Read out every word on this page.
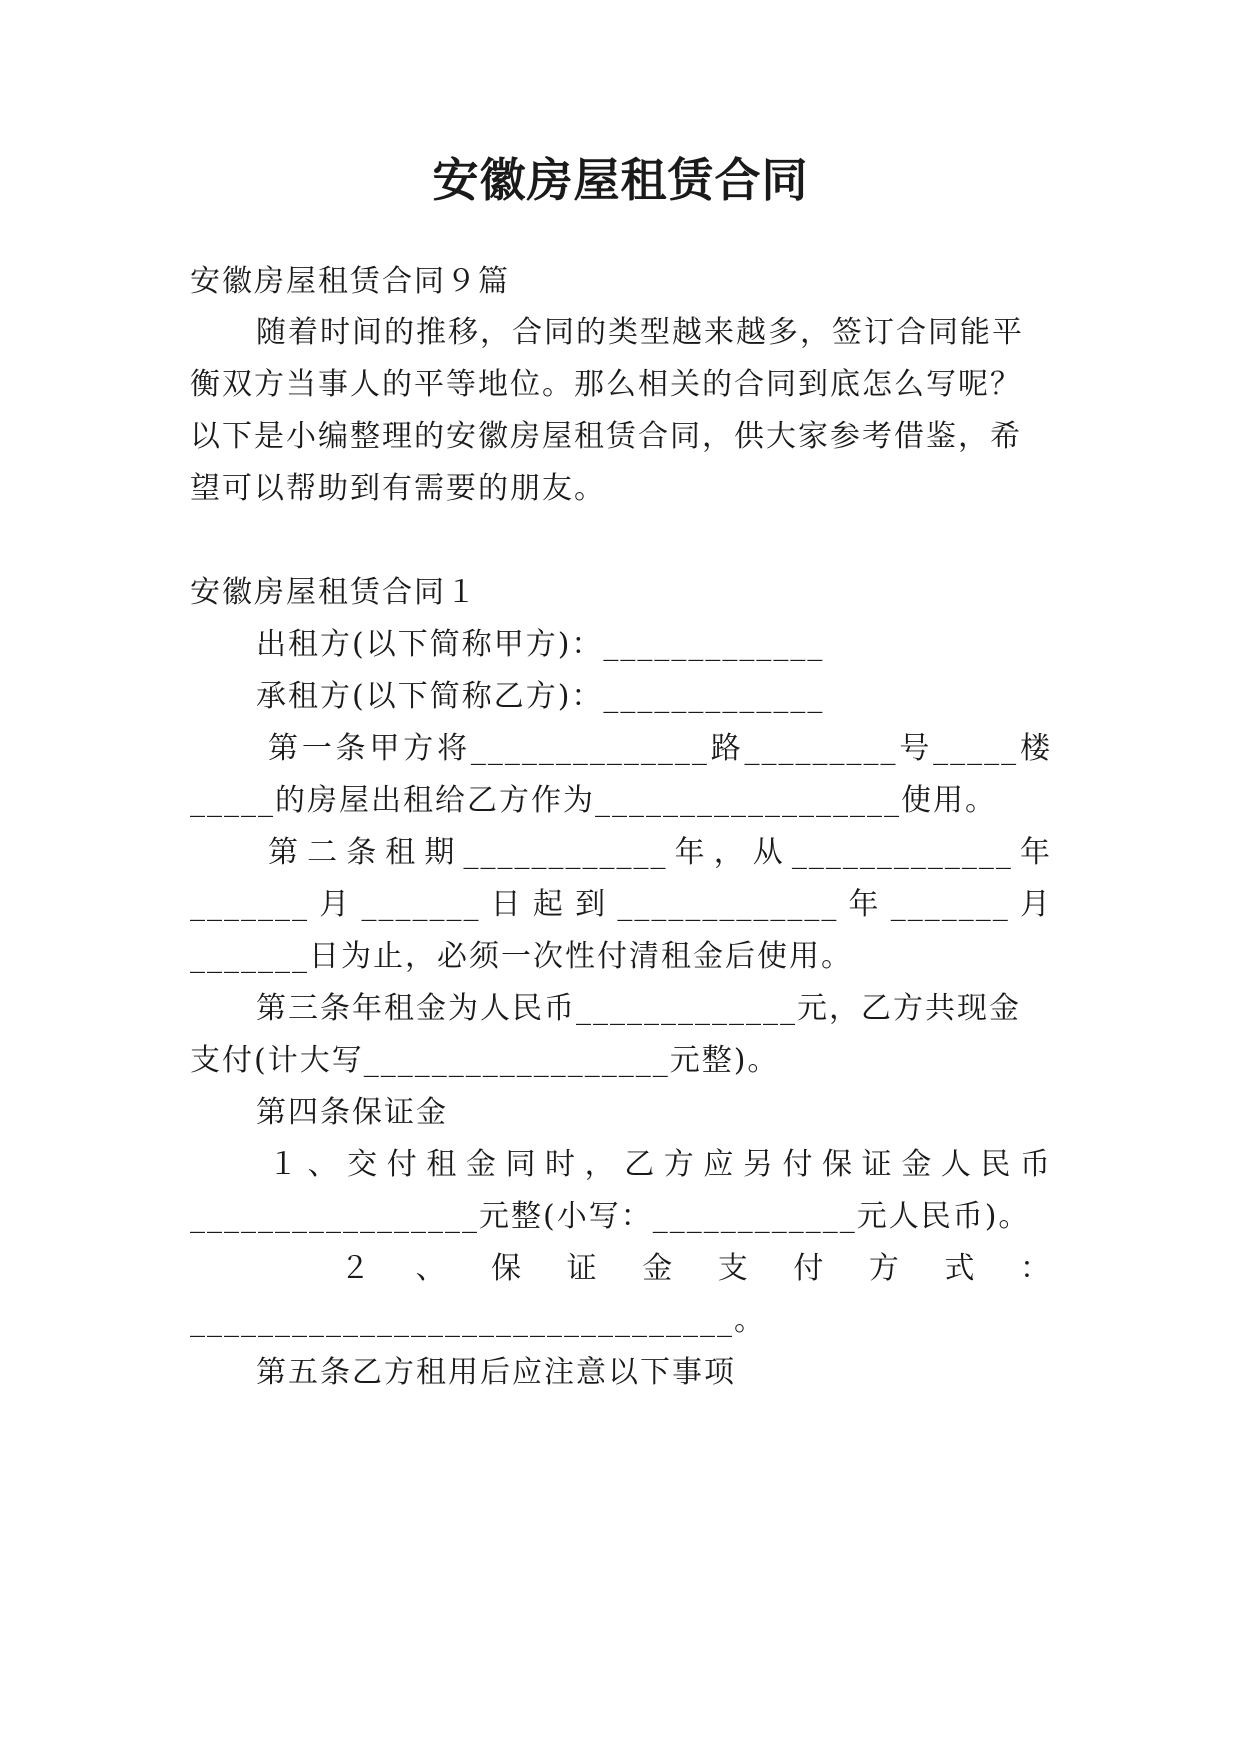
安徽房屋租赁合同
安徽房屋租赁合同９篇
随着时间的推移，合同的类型越来越多，签订合同能平
衡双方当事人的平等地位。那么相关的合同到底怎么写呢？
以下是小编整理的安徽房屋租赁合同，供大家参考借鉴，希
望可以帮助到有需要的朋友。
安徽房屋租赁合同１
出租方(以下简称甲方)：_____________
承租方(以下简称乙方)：_____________
第一条甲方将______________路_________号_____楼
_____的房屋出租给乙方作为__________________使用。
第二条租期____________年，从_____________年
_______月_______日起到_____________年_______月
_______日为止，必须一次性付清租金后使用。
第三条年租金为人民币_____________元，乙方共现金
支付(计大写__________________元整)。
第四条保证金
１、交付租金同时，乙方应另付保证金人民币
_________________元整(小写：____________元人民币)。
２、保证金支付方式：
________________________________。
第五条乙方租用后应注意以下事项
